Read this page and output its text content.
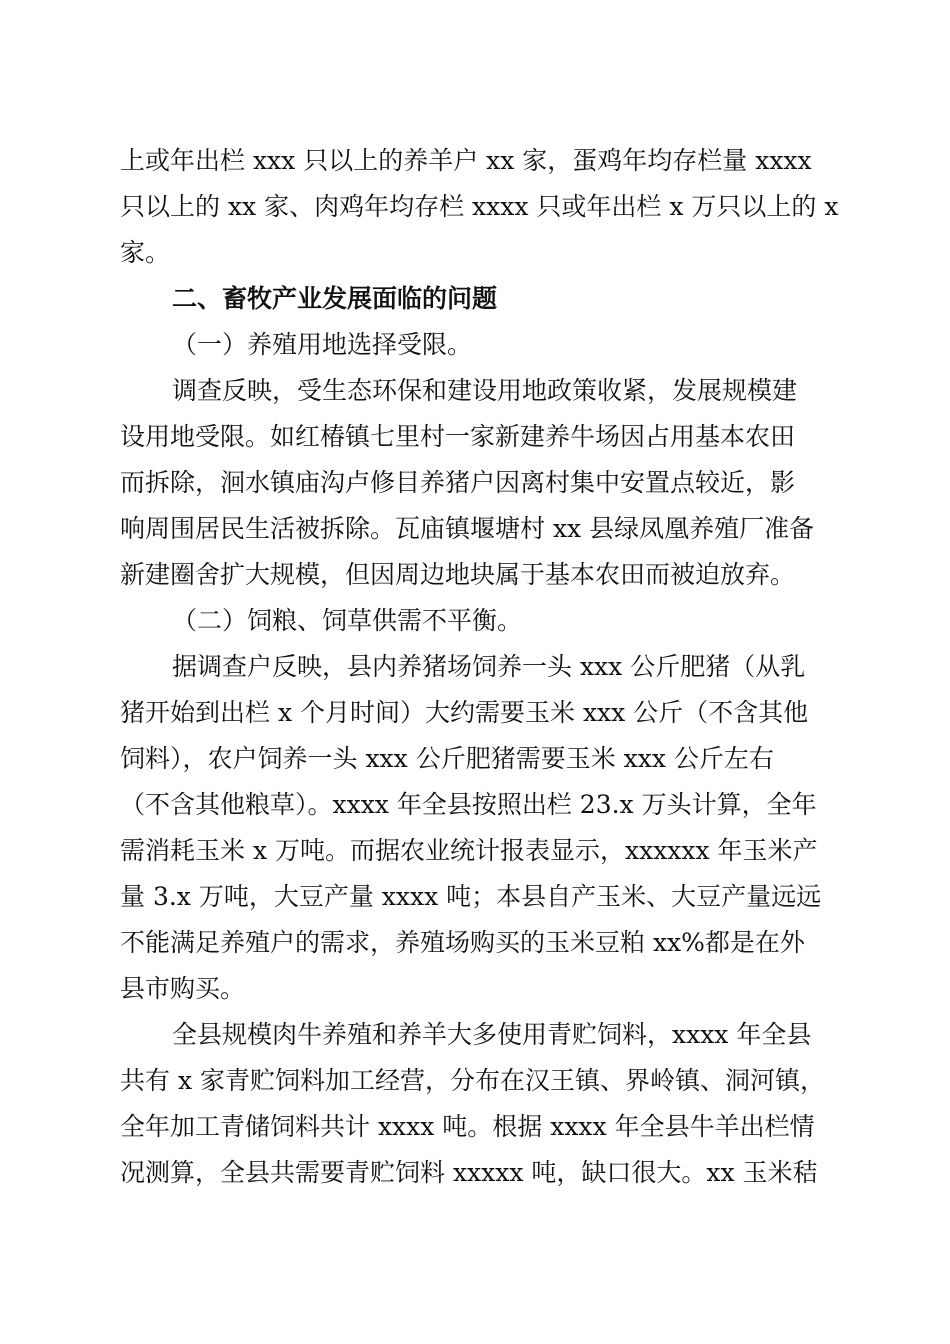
上或年出栏 xxx 只以上的养羊户 xx 家，蛋鸡年均存栏量 xxxx
只以上的 xx 家、肉鸡年均存栏 xxxx 只或年出栏 x 万只以上的 x
家。
二、畜牧产业发展面临的问题
（一）养殖用地选择受限。
调查反映，受生态环保和建设用地政策收紧，发展规模建
设用地受限。如红椿镇七里村一家新建养牛场因占用基本农田
而拆除，洄水镇庙沟卢修目养猪户因离村集中安置点较近，影
响周围居民生活被拆除。瓦庙镇堰塘村 xx 县绿凤凰养殖厂准备
新建圈舍扩大规模，但因周边地块属于基本农田而被迫放弃。
（二）饲粮、饲草供需不平衡。
据调查户反映，县内养猪场饲养一头 xxx 公斤肥猪（从乳
猪开始到出栏 x 个月时间）大约需要玉米 xxx 公斤（不含其他
饲料），农户饲养一头 xxx 公斤肥猪需要玉米 xxx 公斤左右
（不含其他粮草）。xxxx 年全县按照出栏 23.x 万头计算，全年
需消耗玉米 x 万吨。而据农业统计报表显示，xxxxxx 年玉米产
量 3.x 万吨，大豆产量 xxxx 吨；本县自产玉米、大豆产量远远
不能满足养殖户的需求，养殖场购买的玉米豆粕 xx%都是在外
县市购买。
全县规模肉牛养殖和养羊大多使用青贮饲料，xxxx 年全县
共有 x 家青贮饲料加工经营，分布在汉王镇、界岭镇、洞河镇，
全年加工青储饲料共计 xxxx 吨。根据 xxxx 年全县牛羊出栏情
况测算，全县共需要青贮饲料 xxxxx 吨，缺口很大。xx 玉米秸
